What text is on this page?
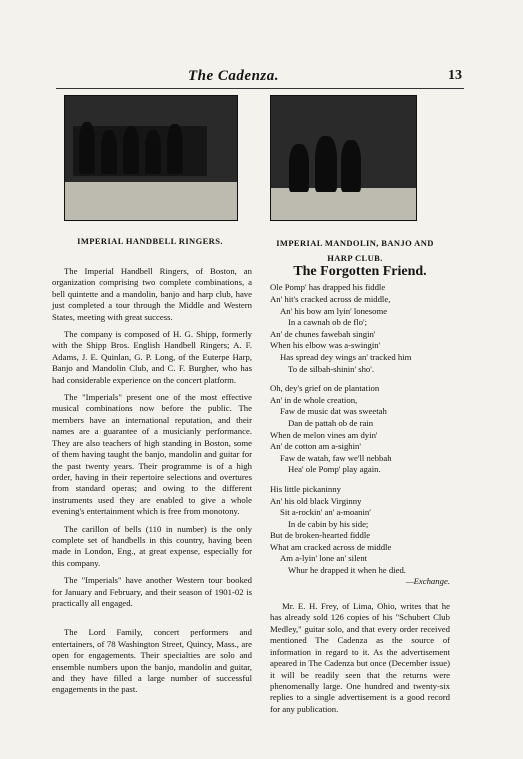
The Cadenza.	13
IMPERIAL HANDBELL RINGERS.	IMPERIAL MANDOLIN, BANJO AND HARP CLUB.

The Imperial Handbell Ringers, of Boston, an organization comprising two complete combinations, a bell quintette and a mandolin, banjo and harp club, have just completed a tour through the Middle and Western States, meeting with great success.

The company is composed of H. G. Shipp, formerly with the Shipp Bros. English Handbell Ringers; A. F. Adams, J. E. Quinlan, G. P. Long, of the Euterpe Harp, Banjo and Mandolin Club, and C. F. Burgher, who has had considerable experience on the concert platform.

The "Imperials" present one of the most effective musical combinations now before the public. The members have an international reputation, and their names are a guarantee of a musicianly performance. They are also teachers of high standing in Boston, some of them having taught the banjo, mandolin and guitar for the past twenty years. Their programme is of a high order, having in their repertoire selections and overtures from standard operas; and owing to the different instruments used they are enabled to give a whole evening's entertainment which is free from monotony.

The carillon of bells (110 in number) is the only complete set of handbells in this country, having been made in London, Eng., at great expense, especially for this company.

The "Imperials" have another Western tour booked for January and February, and their season of 1901-02 is practically all engaged.

The Lord Family, concert performers and entertainers, of 78 Washington Street, Quincy, Mass., are open for engagements. Their specialties are solo and ensemble numbers upon the banjo, mandolin and guitar, and they have filled a large number of successful engagements in the past.

The Forgotten Friend.
Ole Pomp' has drapped his fiddle
An' hit's cracked across de middle,
An' his bow am lyin' lonesome
In a cawnah ob de flo';
An' de chunes fawebah singin'
When his elbow was a-swingin'
Has spread dey wings an' tracked him
To de silbah-shinin' sho'.
Oh, dey's grief on de plantation
An' in de whole creation,
Faw de music dat was sweetah
Dan de pattah ob de rain
When de melon vines am dyin'
An' de cotton am a-sighin'
Faw de watah, faw we'll nebbah
Hea' ole Pomp' play again.
His little pickaninny
An' his old black Virginny
Sit a-rockin' an' a-moanin'
In de cabin by his side;
But de broken-hearted fiddle
What am cracked across de middle
Am a-lyin' lone an' silent
Whur he drapped it when he died.
—Exchange.

Mr. E. H. Frey, of Lima, Ohio, writes that he has already sold 126 copies of his "Schubert Club Medley," guitar solo, and that every order received mentioned The Cadenza as the source of information in regard to it. As the advertisement apeared in The Cadenza but once (December issue) it will be readily seen that the returns were phenomenally large. One hundred and twenty-six replies to a single advertisement is a good record for any publication.
